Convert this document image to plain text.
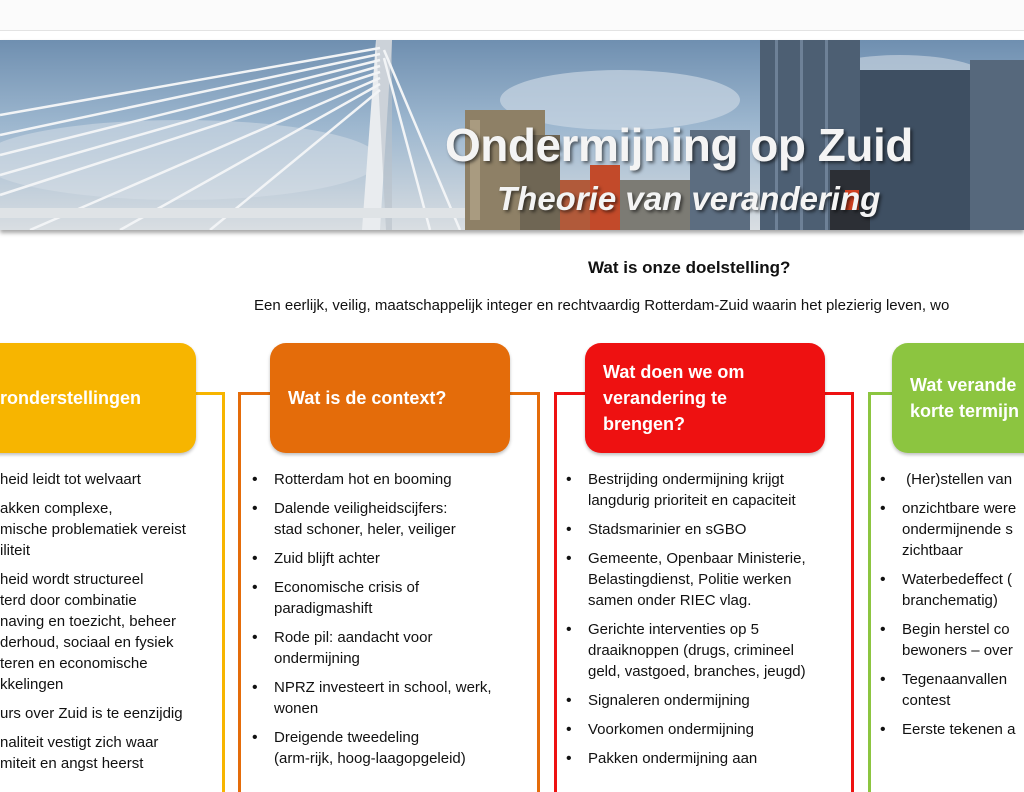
Ondermijning op Zuid
Theorie van verandering
Wat is onze doelstelling?
Een eerlijk, veilig, maatschappelijk integer en rechtvaardig Rotterdam-Zuid waarin het plezierig leven, wo
ronderstellingen	Wat is de context?
Wat doen we om
verandering te
brengen?
Wat verande
korte termijn
heid leidt tot welvaart
akken complexe,
mische problematiek vereist
iliteit
heid wordt structureel
terd door combinatie
naving en toezicht, beheer
derhoud, sociaal en fysiek
teren en economische
kkelingen
urs over Zuid is te eenzijdig
naliteit vestigt zich waar
miteit en angst heerst
• Rotterdam hot en booming
• Dalende veiligheidscijfers:
stad schoner, heler, veiliger
• Zuid blijft achter
• Economische crisis of
paradigmashift
• Rode pil: aandacht voor
ondermijning
• NPRZ investeert in school, werk,
wonen
• Dreigende tweedeling
(arm-rijk, hoog-laagopgeleid)
• Bestrijding ondermijning krijgt
langdurig prioriteit en capaciteit
• Stadsmarinier en sGBO
• Gemeente, Openbaar Ministerie,
Belastingdienst, Politie werken
samen onder RIEC vlag.
• Gerichte interventies op 5
draaiknoppen (drugs, crimineel
geld, vastgoed, branches, jeugd)
• Signaleren ondermijning
• Voorkomen ondermijning
• Pakken ondermijning aan
•  (Her)stellen van
• onzichtbare were
ondermijnende s
zichtbaar
• Waterbedeffect (
branchematig)
• Begin herstel co
bewoners – over
• Tegenaanvallen
contest
• Eerste tekenen a
